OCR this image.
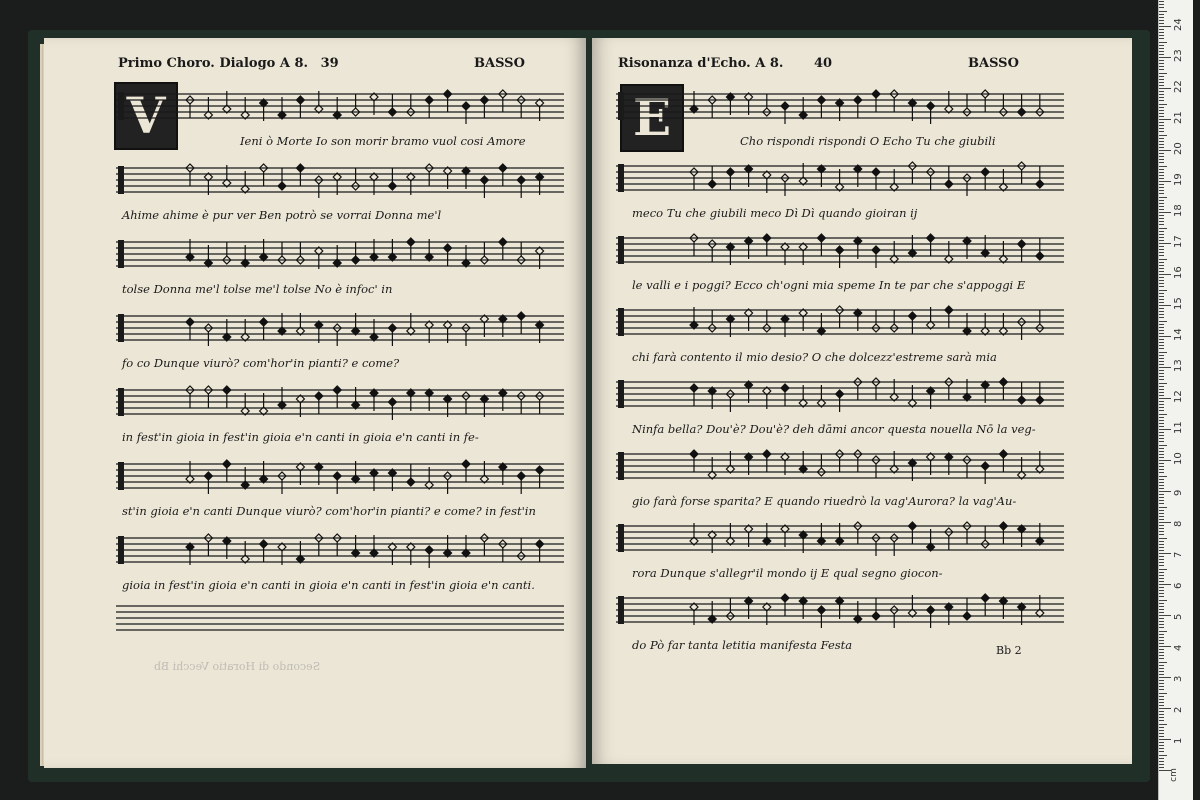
Primo Choro. Dialogo A 8. 39	BASSO
V
Secondo di Horatio Vecchi Bb
Ieni ò Morte Io son morir bramo vuol cosi Amore
Ahime ahime è pur ver Ben potrò se vorrai Donna me'l
tolse Donna me'l tolse me'l tolse No è infoc' in
fo co Dunque viurò? com'hor'in pianti? e come?
in fest'in gioia in fest'in gioia e'n canti in gioia e'n canti in fe-
st'in gioia e'n canti Dunque viurò? com'hor'in pianti? e come? in fest'in
gioia in fest'in gioia e'n canti in gioia e'n canti in fest'in gioia e'n canti.
Risonanza d'Echo. A 8. 40	BASSO
E
Bb 2
Cho rispondi rispondi O Echo Tu che giubili
meco Tu che giubili meco Dì Dì quando gioiran ij
le valli e i poggi? Ecco ch'ogni mia speme In te par che s'appoggi E
chi farà contento il mio desio? O che dolcezz'estreme sarà mia
Ninfa bella? Dou'è? Dou'è? deh dāmi ancor questa nouella Nō la veg-
gio farà forse sparita? E quando riuedrò la vag'Aurora? la vag'Au-
rora Dunque s'allegr'il mondo ij E qual segno giocon-
do Pò far tanta letitia manifesta Festa
cm
1
2
3
4
5
6
7
8
9
10
11
12
13
14
15
16
17
18
19
20
21
22
23
24
